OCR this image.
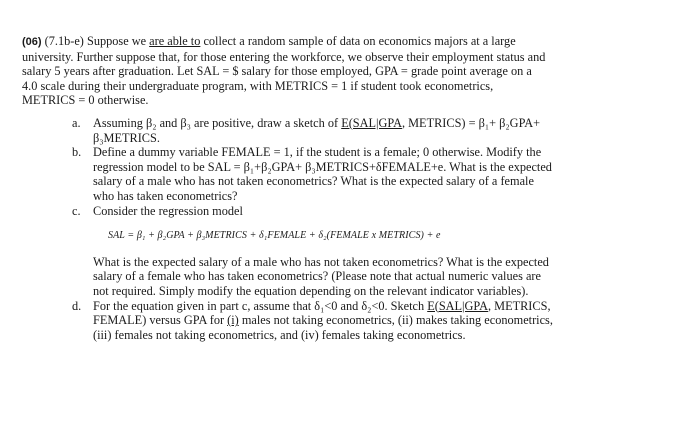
(06) (7.1b-e) Suppose we are able to collect a random sample of data on economics majors at a large university. Further suppose that, for those entering the workforce, we observe their employment status and salary 5 years after graduation. Let SAL = $ salary for those employed, GPA = grade point average on a 4.0 scale during their undergraduate program, with METRICS = 1 if student took econometrics, METRICS = 0 otherwise.
a. Assuming β₂ and β₃ are positive, draw a sketch of E(SAL|GPA, METRICS) = β₁+ β₂GPA+ β₃METRICS.
b. Define a dummy variable FEMALE = 1, if the student is a female; 0 otherwise. Modify the regression model to be SAL = β₁+β₂GPA+ β₃METRICS+δFEMALE+e. What is the expected salary of a male who has not taken econometrics? What is the expected salary of a female who has taken econometrics?
c. Consider the regression model
SAL = β₁ + β₂GPA + β₃METRICS + δ₁FEMALE + δ₂(FEMALE x METRICS) + e
What is the expected salary of a male who has not taken econometrics? What is the expected salary of a female who has taken econometrics? (Please note that actual numeric values are not required. Simply modify the equation depending on the relevant indicator variables).
d. For the equation given in part c, assume that δ₁<0 and δ₂<0. Sketch E(SAL|GPA, METRICS, FEMALE) versus GPA for (i) males not taking econometrics, (ii) makes taking econometrics, (iii) females not taking econometrics, and (iv) females taking econometrics.
